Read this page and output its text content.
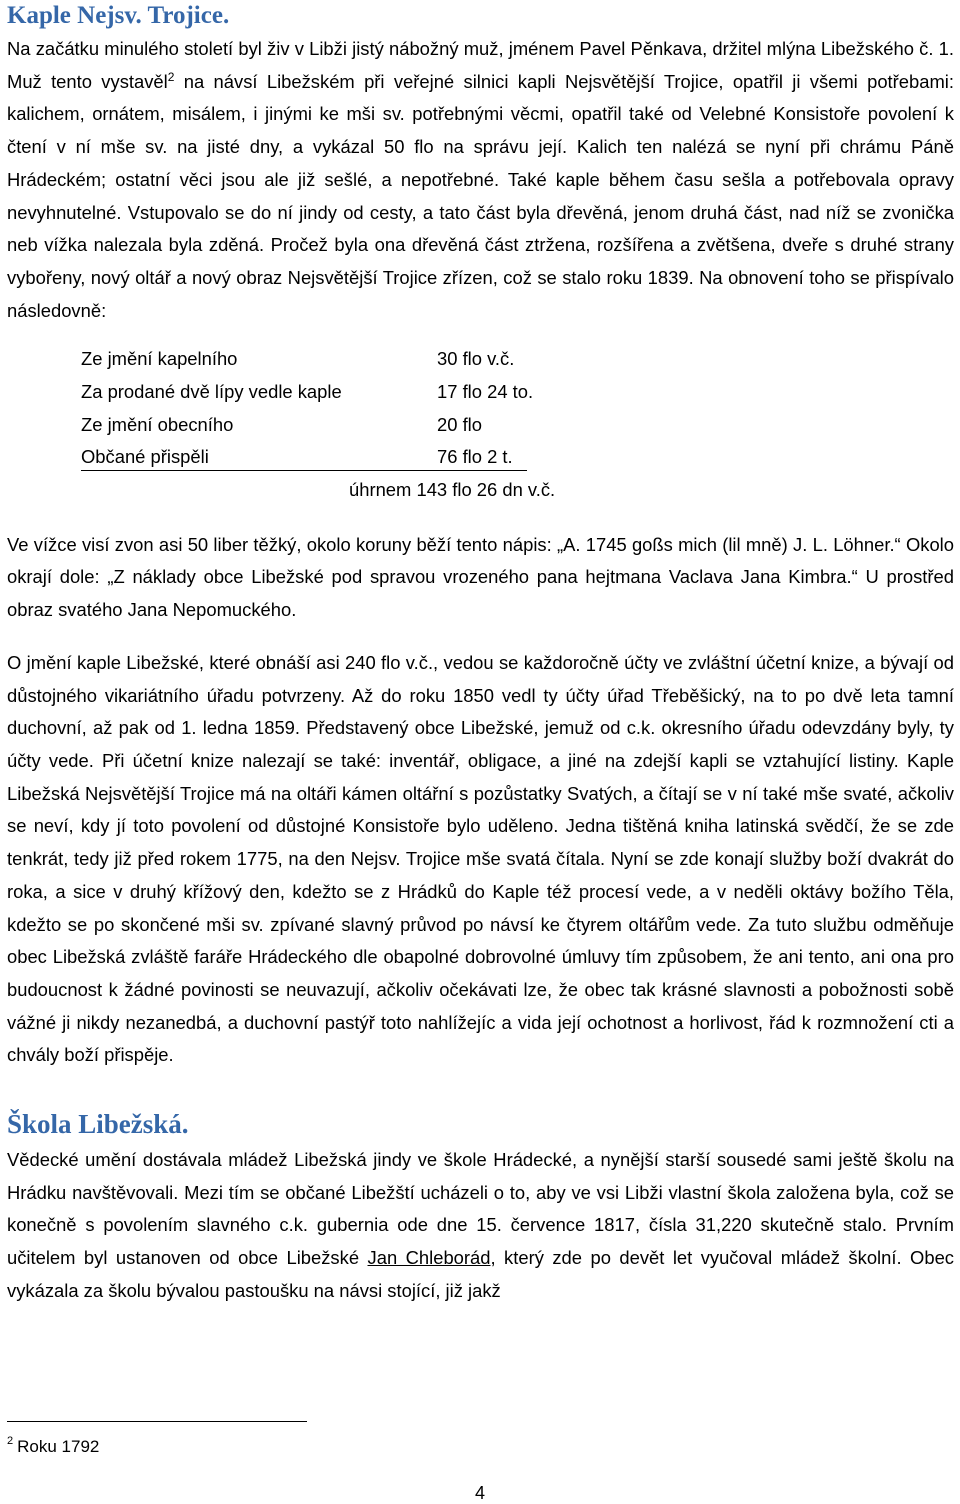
Kaple Nejsv. Trojice.

Na začátku minulého století byl živ v Libži jistý nábožný muž, jménem Pavel Pěnkava, držitel mlýna Libežského č. 1. Muž tento vystavěl$^2$ na návsí Libežském při veřejné silnici kapli Nejsvětější Trojice, opatřil ji všemi potřebami: kalichem, ornátem, misálem, i jinými ke mši sv. potřebnými věcmi, opatřil také od Velebné Konsistoře povolení k čtení v ní mše sv. na jisté dny, a vykázal 50 flo na správu její. Kalich ten nalézá se nyní při chrámu Páně Hrádeckém; ostatní věci jsou ale již sešlé, a nepotřebné. Také kaple během času sešla a potřebovala opravy nevyhnutelné. Vstupovalo se do ní jindy od cesty, a tato část byla dřevěná, jenom druhá část, nad níž se zvonička neb vížka nalezala byla zděná. Pročež byla ona dřevěná část ztržena, rozšířena a zvětšena, dveře s druhé strany vybořeny, nový oltář a nový obraz Nejsvětější Trojice zřízen, což se stalo roku 1839. Na obnovení toho se přispívalo následovně:

Ze jmění kapelního	30 flo v.č.
Za prodané dvě lípy vedle kaple	17 flo 24 to.
Ze jmění obecního	20 flo
Občané přispěli	76 flo 2 t.
úhrnem 143 flo 26 dn v.č.

Ve vížce visí zvon asi 50 liber těžký, okolo koruny běží tento nápis: „A. 1745 goßs mich (lil mně) J. L. Löhner.“ Okolo okrají dole: „Z náklady obce Libežské pod spravou vrozeného pana hejtmana Vaclava Jana Kimbra.“ U prostřed obraz svatého Jana Nepomuckého.

O jmění kaple Libežské, které obnáší asi 240 flo v.č., vedou se každoročně účty ve zvláštní účetní knize, a bývají od důstojného vikariátního úřadu potvrzeny. Až do roku 1850 vedl ty účty úřad Třeběšický, na to po dvě leta tamní duchovní, až pak od 1. ledna 1859. Představený obce Libežské, jemuž od c.k. okresního úřadu odevzdány byly, ty účty vede. Při účetní knize nalezají se také: inventář, obligace, a jiné na zdejší kapli se vztahující listiny. Kaple Libežská Nejsvětější Trojice má na oltáři kámen oltářní s pozůstatky Svatých, a čítají se v ní také mše svaté, ačkoliv se neví, kdy jí toto povolení od důstojné Konsistoře bylo uděleno. Jedna tištěná kniha latinská svědčí, že se zde tenkrát, tedy již před rokem 1775, na den Nejsv. Trojice mše svatá čítala. Nyní se zde konají služby boží dvakrát do roka, a sice v druhý křížový den, kdežto se z Hrádků do Kaple též procesí vede, a v neděli oktávy božího Těla, kdežto se po skončené mši sv. zpívané slavný průvod po návsí ke čtyrem oltářům vede. Za tuto službu odměňuje obec Libežská zvláště faráře Hrádeckého dle obapolné dobrovolné úmluvy tím způsobem, že ani tento, ani ona pro budoucnost k žádné povinosti se neuvazují, ačkoliv očekávati lze, že obec tak krásné slavnosti a pobožnosti sobě vážné ji nikdy nezanedbá, a duchovní pastýř toto nahlížejíc a vida její ochotnost a horlivost, řád k rozmnožení cti a chvály boží přispěje.

Škola Libežská.

Vědecké umění dostávala mládež Libežská jindy ve škole Hrádecké, a nynější starší sousedé sami ještě školu na Hrádku navštěvovali. Mezi tím se občané Libežští ucházeli o to, aby ve vsi Libži vlastní škola založena byla, což se konečně s povolením slavného c.k. gubernia ode dne 15. července 1817, čísla 31,220 skutečně stalo. Prvním učitelem byl ustanoven od obce Libežské Jan Chleborád, který zde po devět let vyučoval mládež školní. Obec vykázala za školu bývalou pastoušku na návsi stojící, již jakž

$^2$ Roku 1792
4
